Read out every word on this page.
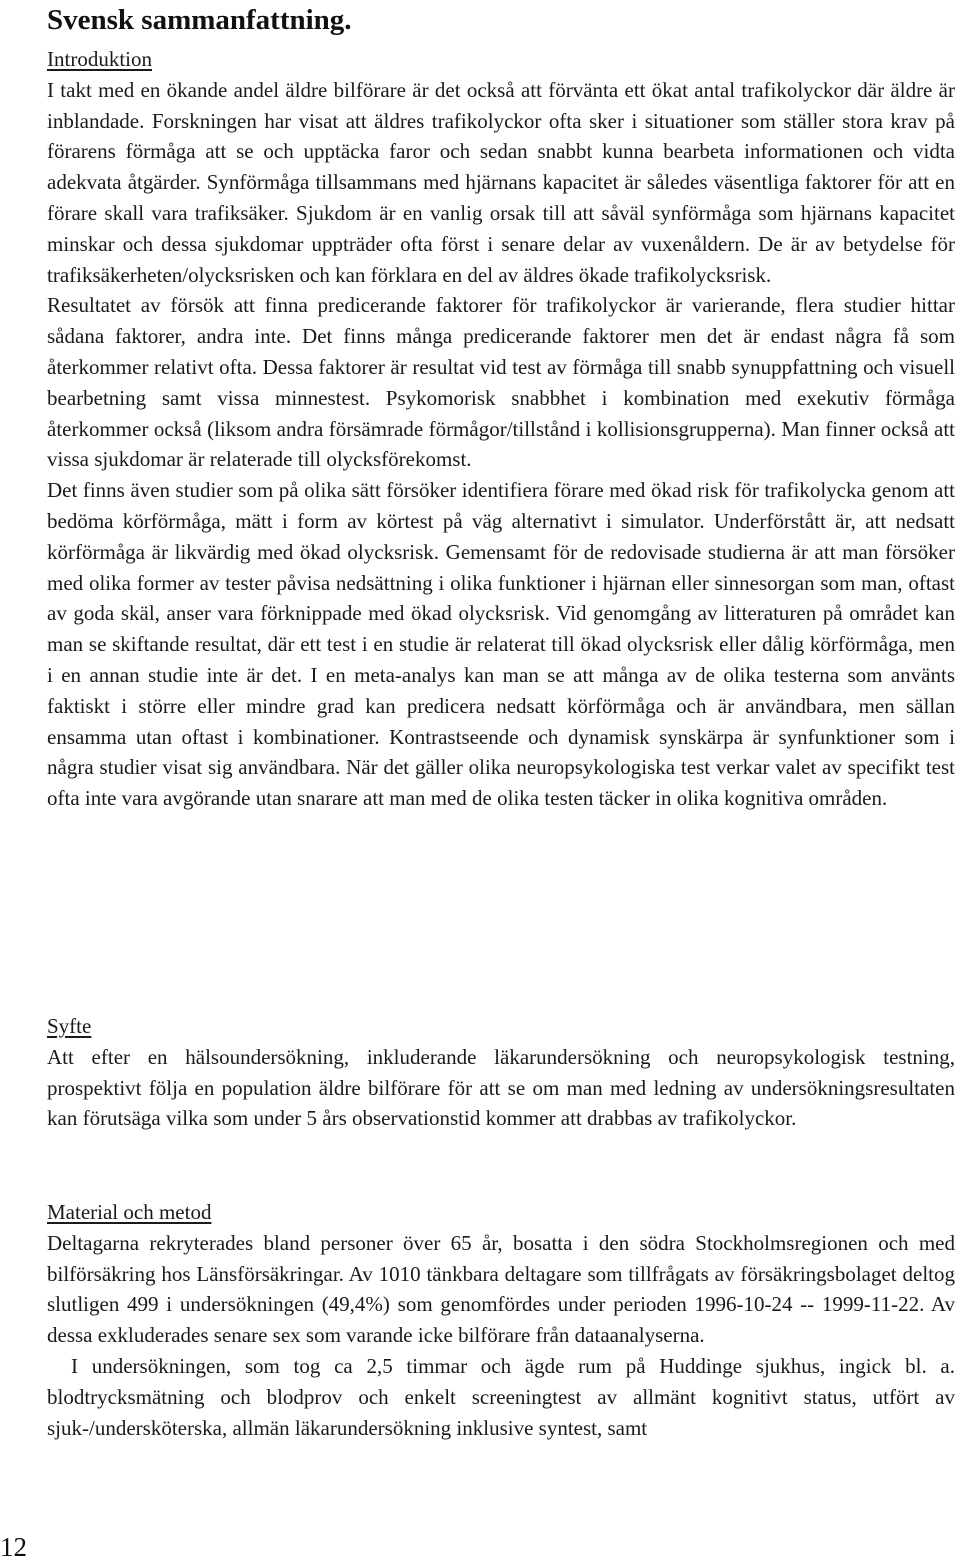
Svensk sammanfattning.
Introduktion

I takt med en ökande andel äldre bilförare är det också att förvänta ett ökat antal trafikolyckor där äldre är inblandade. Forskningen har visat att äldres trafikolyckor ofta sker i situationer som ställer stora krav på förarens förmåga att se och upptäcka faror och sedan snabbt kunna bearbeta informationen och vidta adekvata åtgärder. Synförmåga tillsammans med hjärnans kapacitet är således väsentliga faktorer för att en förare skall vara trafiksäker. Sjukdom är en vanlig orsak till att såväl synförmåga som hjärnans kapacitet minskar och dessa sjukdomar uppträder ofta först i senare delar av vuxenåldern. De är av betydelse för trafiksäkerheten/olycksrisken och kan förklara en del av äldres ökade trafikolycksrisk.

Resultatet av försök att finna predicerande faktorer för trafikolyckor är varierande, flera studier hittar sådana faktorer, andra inte. Det finns många predicerande faktorer men det är endast några få som återkommer relativt ofta. Dessa faktorer är resultat vid test av förmåga till snabb synuppfattning och visuell bearbetning samt vissa minnestest. Psykomorisk snabbhet i kombination med exekutiv förmåga återkommer också (liksom andra försämrade förmågor/tillstånd i kollisionsgrupperna). Man finner också att vissa sjukdomar är relaterade till olycksförekomst.

Det finns även studier som på olika sätt försöker identifiera förare med ökad risk för trafikolycka genom att bedöma körförmåga, mätt i form av körtest på väg alternativt i simulator. Underförstått är, att nedsatt körförmåga är likvärdig med ökad olycksrisk. Gemensamt för de redovisade studierna är att man försöker med olika former av tester påvisa nedsättning i olika funktioner i hjärnan eller sinnesorgan som man, oftast av goda skäl, anser vara förknippade med ökad olycksrisk. Vid genomgång av litteraturen på området kan man se skiftande resultat, där ett test i en studie är relaterat till ökad olycksrisk eller dålig körförmåga, men i en annan studie inte är det. I en meta-analys kan man se att många av de olika testerna som använts faktiskt i större eller mindre grad kan predicera nedsatt körförmåga och är användbara, men sällan ensamma utan oftast i kombinationer. Kontrastseende och dynamisk synskärpa är synfunktioner som i några studier visat sig användbara. När det gäller olika neuropsykologiska test verkar valet av specifikt test ofta inte vara avgörande utan snarare att man med de olika testen täcker in olika kognitiva områden.

Syfte

Att efter en hälsoundersökning, inkluderande läkarundersökning och neuropsykologisk testning, prospektivt följa en population äldre bilförare för att se om man med ledning av undersökningsresultaten kan förutsäga vilka som under 5 års observationstid kommer att drabbas av trafikolyckor.

Material och metod

Deltagarna rekryterades bland personer över 65 år, bosatta i den södra Stockholmsregionen och med bilförsäkring hos Länsförsäkringar. Av 1010 tänkbara deltagare som tillfrågats av försäkringsbolaget deltog slutligen 499 i undersökningen (49,4%) som genomfördes under perioden 1996-10-24 -- 1999-11-22. Av dessa exkluderades senare sex som varande icke bilförare från dataanalyserna.

I undersökningen, som tog ca 2,5 timmar och ägde rum på Huddinge sjukhus, ingick bl. a. blodtrycksmätning och blodprov och enkelt screeningtest av allmänt kognitivt status, utfört av sjuk-/undersköterska, allmän läkarundersökning inklusive syntest, samt

12
